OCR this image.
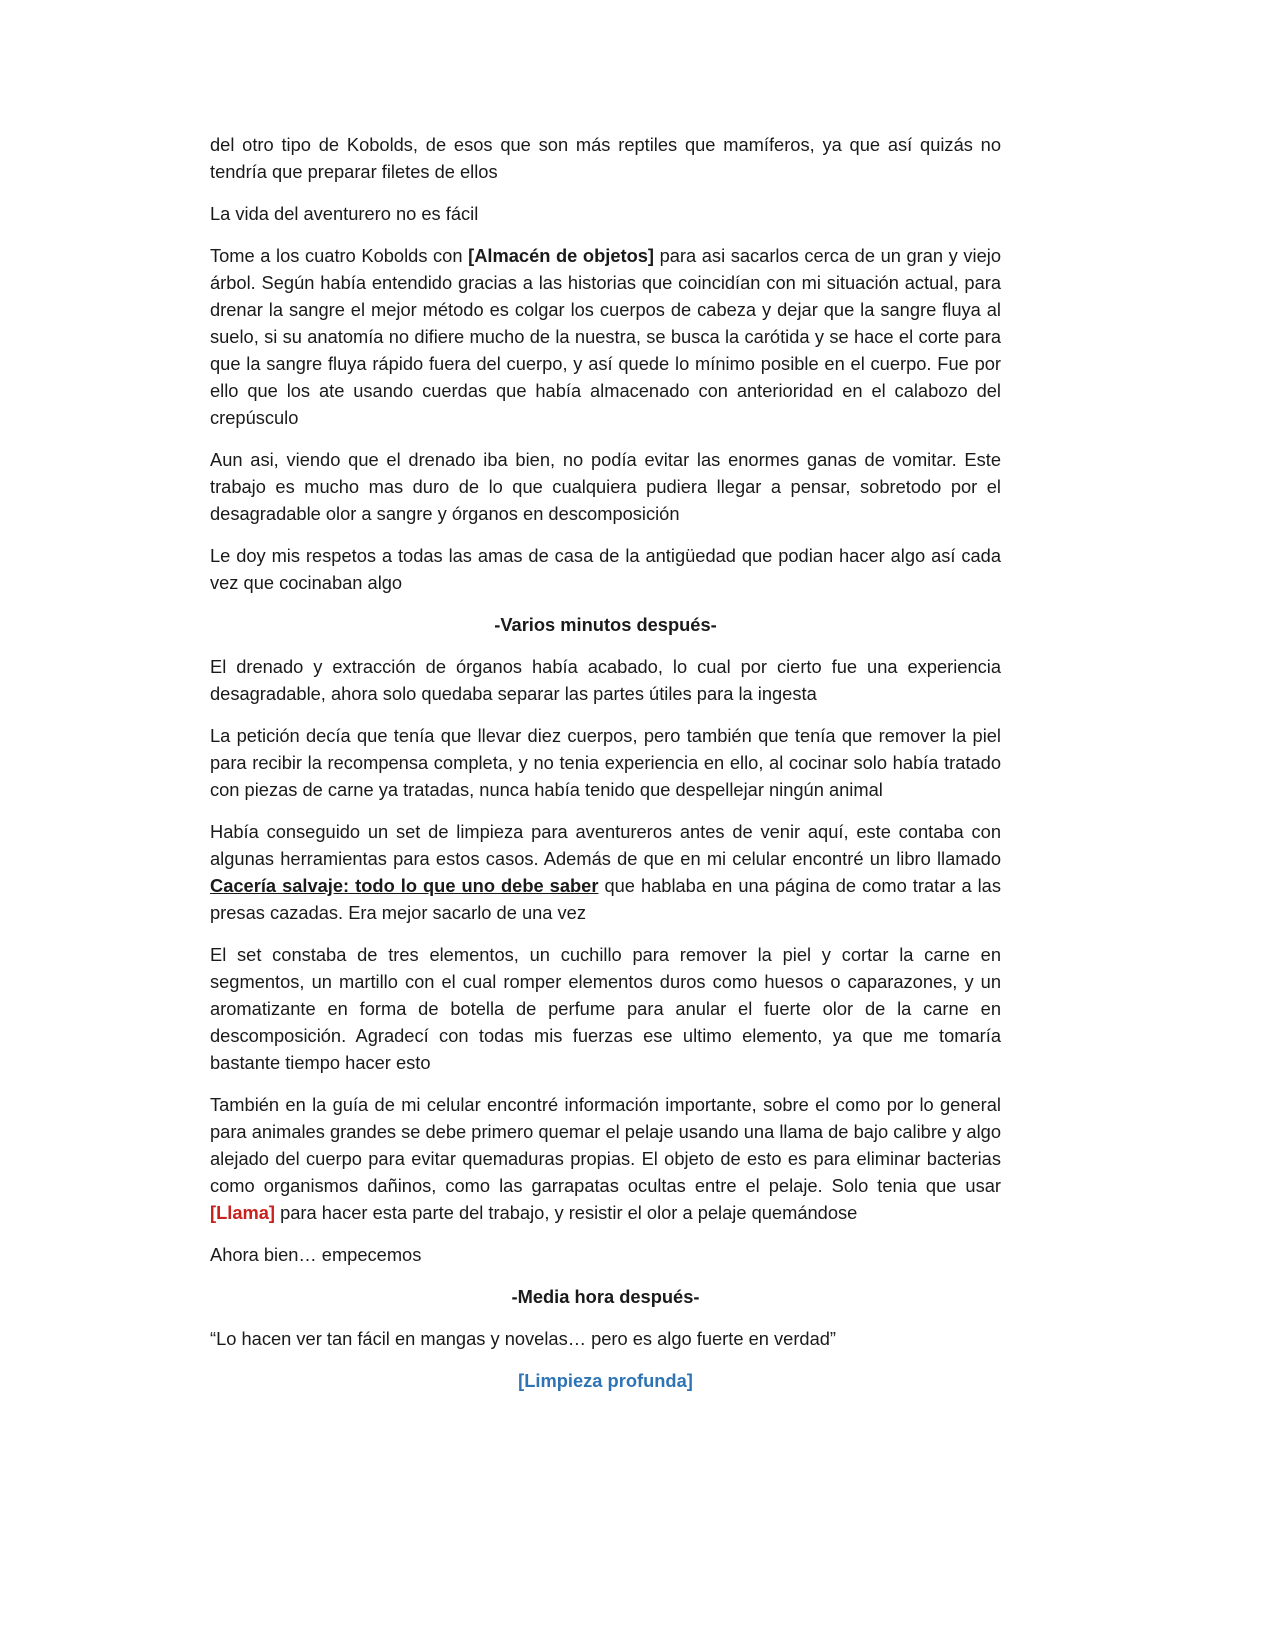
del otro tipo de Kobolds, de esos que son más reptiles que mamíferos, ya que así quizás no tendría que preparar filetes de ellos

La vida del aventurero no es fácil

Tome a los cuatro Kobolds con [Almacén de objetos] para asi sacarlos cerca de un gran y viejo árbol. Según había entendido gracias a las historias que coincidían con mi situación actual, para drenar la sangre el mejor método es colgar los cuerpos de cabeza y dejar que la sangre fluya al suelo, si su anatomía no difiere mucho de la nuestra, se busca la carótida y se hace el corte para que la sangre fluya rápido fuera del cuerpo, y así quede lo mínimo posible en el cuerpo. Fue por ello que los ate usando cuerdas que había almacenado con anterioridad en el calabozo del crepúsculo

Aun asi, viendo que el drenado iba bien, no podía evitar las enormes ganas de vomitar. Este trabajo es mucho mas duro de lo que cualquiera pudiera llegar a pensar, sobretodo por el desagradable olor a sangre y órganos en descomposición

Le doy mis respetos a todas las amas de casa de la antigüedad que podian hacer algo así cada vez que cocinaban algo

-Varios minutos después-

El drenado y extracción de órganos había acabado, lo cual por cierto fue una experiencia desagradable, ahora solo quedaba separar las partes útiles para la ingesta

La petición decía que tenía que llevar diez cuerpos, pero también que tenía que remover la piel para recibir la recompensa completa, y no tenia experiencia en ello, al cocinar solo había tratado con piezas de carne ya tratadas, nunca había tenido que despellejar ningún animal

Había conseguido un set de limpieza para aventureros antes de venir aquí, este contaba con algunas herramientas para estos casos. Además de que en mi celular encontré un libro llamado Cacería salvaje: todo lo que uno debe saber que hablaba en una página de como tratar a las presas cazadas. Era mejor sacarlo de una vez

El set constaba de tres elementos, un cuchillo para remover la piel y cortar la carne en segmentos, un martillo con el cual romper elementos duros como huesos o caparazones, y un aromatizante en forma de botella de perfume para anular el fuerte olor de la carne en descomposición. Agradecí con todas mis fuerzas ese ultimo elemento, ya que me tomaría bastante tiempo hacer esto

También en la guía de mi celular encontré información importante, sobre el como por lo general para animales grandes se debe primero quemar el pelaje usando una llama de bajo calibre y algo alejado del cuerpo para evitar quemaduras propias. El objeto de esto es para eliminar bacterias como organismos dañinos, como las garrapatas ocultas entre el pelaje. Solo tenia que usar [Llama] para hacer esta parte del trabajo, y resistir el olor a pelaje quemándose

Ahora bien… empecemos

-Media hora después-

“Lo hacen ver tan fácil en mangas y novelas… pero es algo fuerte en verdad”

[Limpieza profunda]
